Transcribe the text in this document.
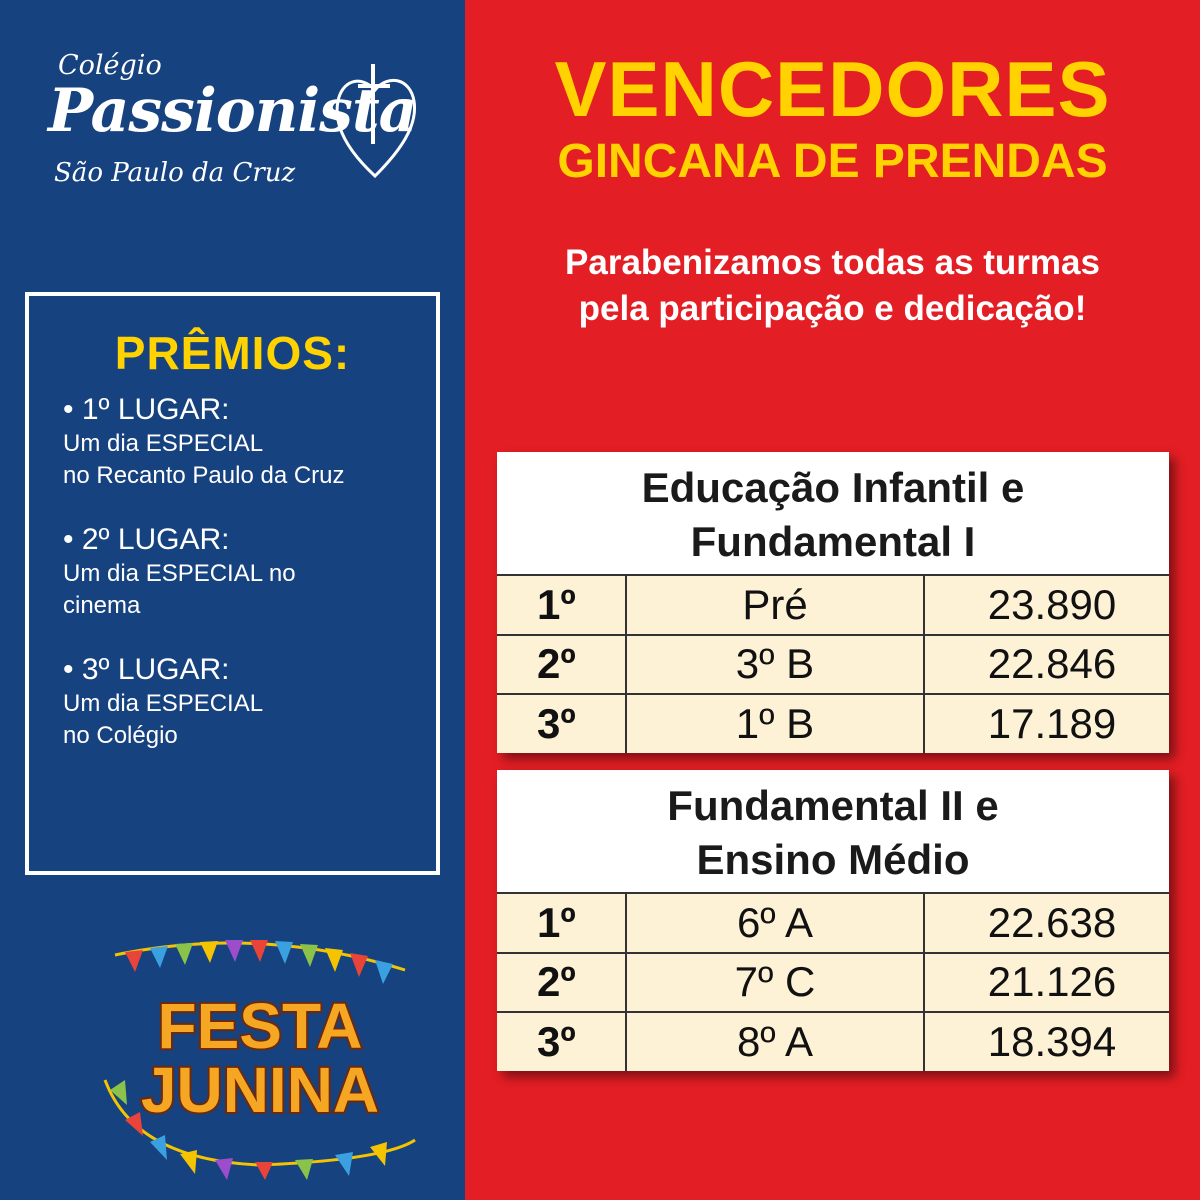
Colégio
Passionista
São Paulo da Cruz
PRÊMIOS:
• 1º LUGAR:
Um dia ESPECIAL
no Recanto Paulo da Cruz
• 2º LUGAR:
Um dia ESPECIAL no
cinema
• 3º LUGAR:
Um dia ESPECIAL
no Colégio
FESTA
JUNINA
VENCEDORES
GINCANA DE PRENDAS
Parabenizamos todas as turmas
pela participação e dedicação!
Educação Infantil e
Fundamental I
1º	Pré	23.890
2º	3º B	22.846
3º	1º B	17.189
Fundamental II e
Ensino Médio
1º	6º A	22.638
2º	7º C	21.126
3º	8º A	18.394
